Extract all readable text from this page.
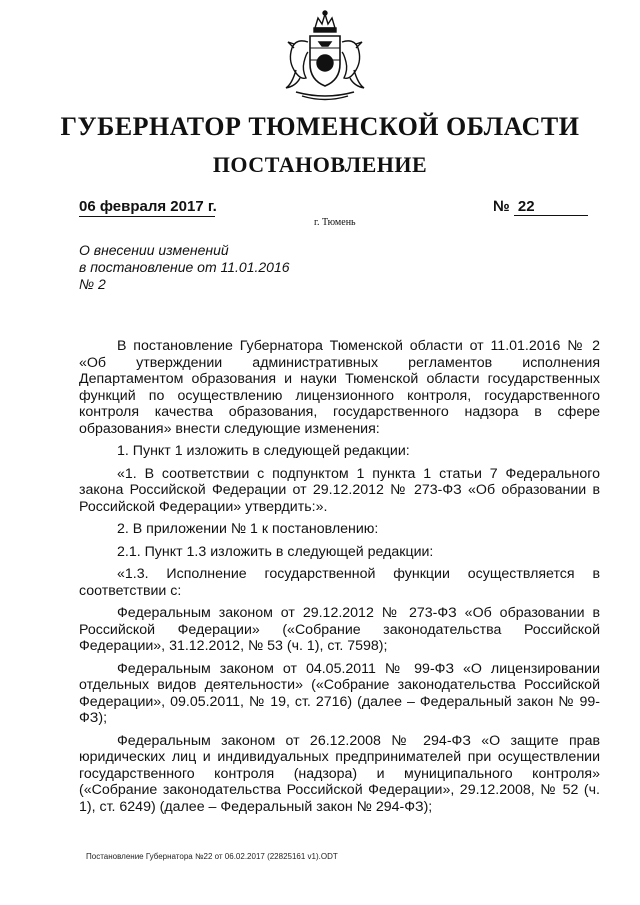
ГУБЕРНАТОР ТЮМЕНСКОЙ ОБЛАСТИ
ПОСТАНОВЛЕНИЕ
06 февраля 2017 г.	№ 22
г. Тюмень
О внесении изменений
в постановление от 11.01.2016
№ 2

В постановление Губернатора Тюменской области от 11.01.2016 № 2 «Об утверждении административных регламентов исполнения Департаментом образования и науки Тюменской области государственных функций по осуществлению лицензионного контроля, государственного контроля качества образования, государственного надзора в сфере образования» внести следующие изменения:

1. Пункт 1 изложить в следующей редакции:

«1. В соответствии с подпунктом 1 пункта 1 статьи 7 Федерального закона Российской Федерации от 29.12.2012 № 273-ФЗ «Об образовании в Российской Федерации» утвердить:».

2. В приложении № 1 к постановлению:

2.1. Пункт 1.3 изложить в следующей редакции:

«1.3. Исполнение государственной функции осуществляется в соответствии с:

Федеральным законом от 29.12.2012 № 273-ФЗ «Об образовании в Российской Федерации» («Собрание законодательства Российской Федерации», 31.12.2012, № 53 (ч. 1), ст. 7598);

Федеральным законом от 04.05.2011 № 99-ФЗ «О лицензировании отдельных видов деятельности» («Собрание законодательства Российской Федерации», 09.05.2011, № 19, ст. 2716) (далее – Федеральный закон № 99-ФЗ);

Федеральным законом от 26.12.2008 № 294-ФЗ «О защите прав юридических лиц и индивидуальных предпринимателей при осуществлении государственного контроля (надзора) и муниципального контроля» («Собрание законодательства Российской Федерации», 29.12.2008, № 52 (ч. 1), ст. 6249) (далее – Федеральный закон № 294-ФЗ);

Постановление Губернатора №22 от 06.02.2017 (22825161 v1).ODT
